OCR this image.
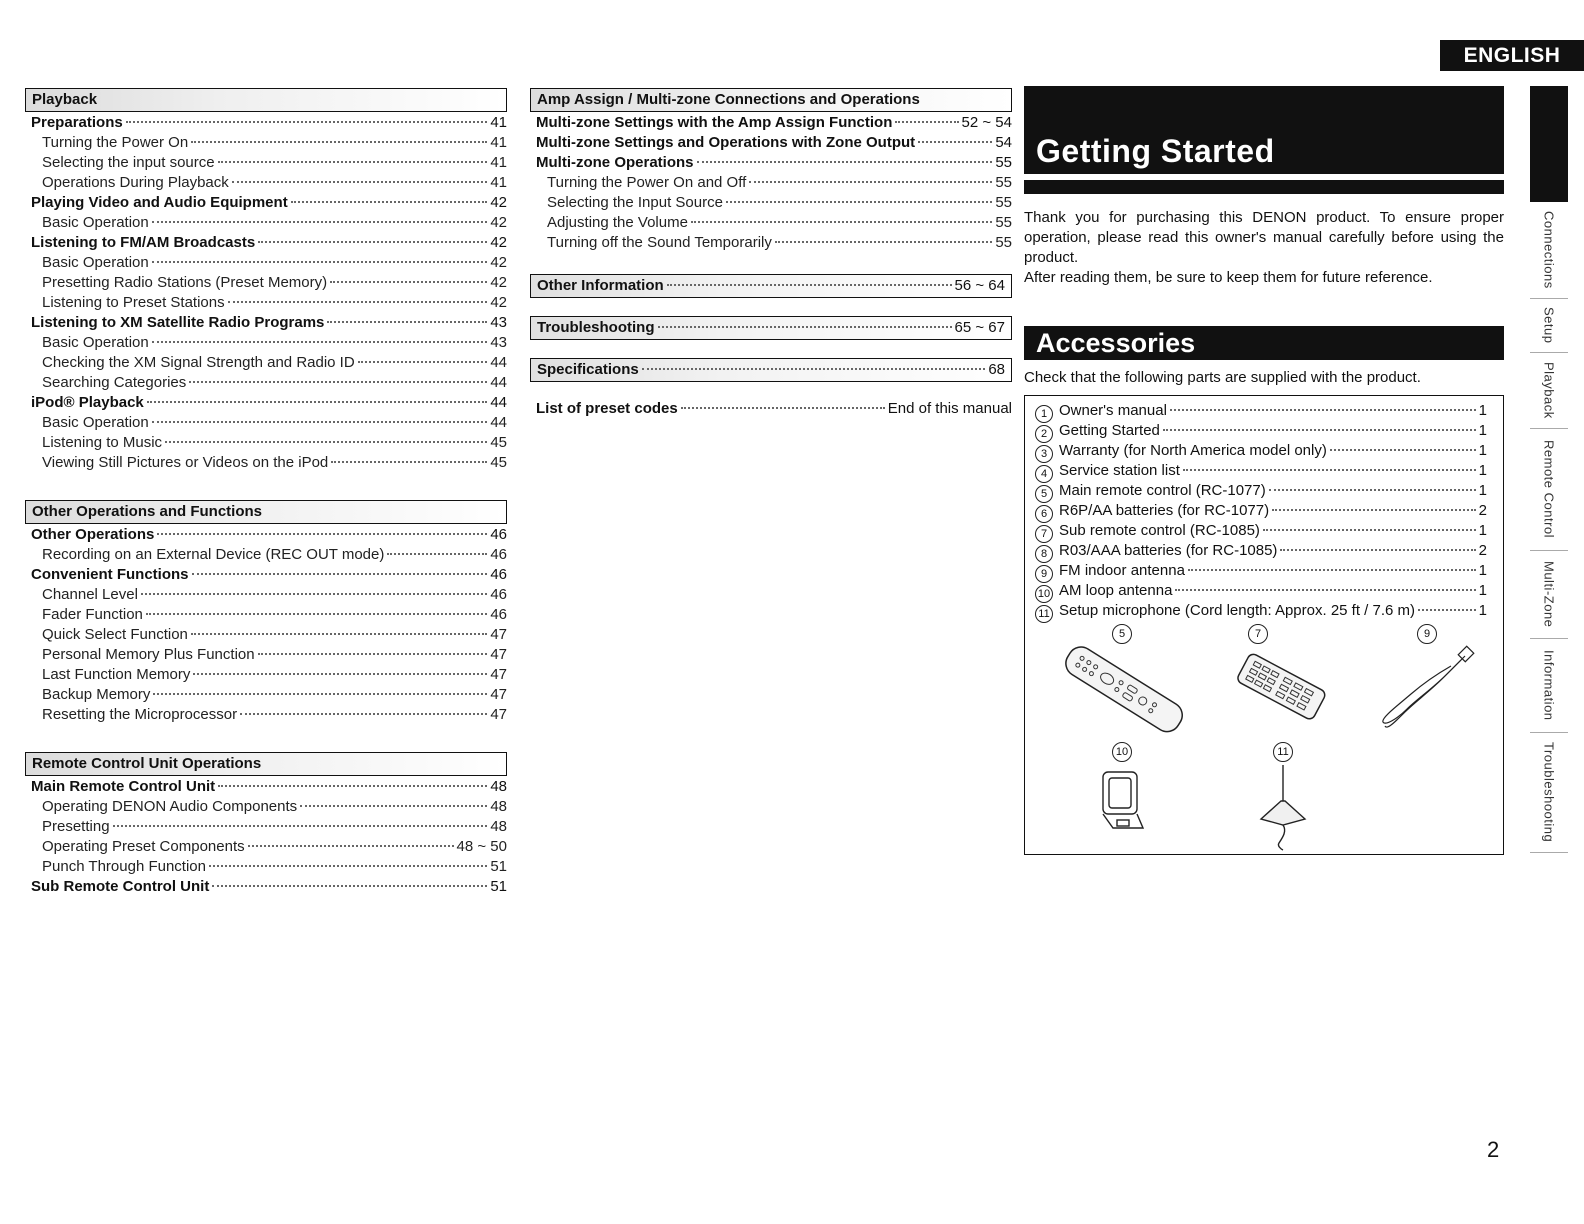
ENGLISH
Playback
Preparations	41
Turning the Power On	41
Selecting the input source	41
Operations During Playback	41
Playing Video and Audio Equipment	42
Basic Operation	42
Listening to FM/AM Broadcasts	42
Basic Operation	42
Presetting Radio Stations (Preset Memory)	42
Listening to Preset Stations	42
Listening to XM Satellite Radio Programs	43
Basic Operation	43
Checking the XM Signal Strength and Radio ID	44
Searching Categories	44
iPod® Playback	44
Basic Operation	44
Listening to Music	45
Viewing Still Pictures or Videos on the iPod	45
Other Operations and Functions
Other Operations	46
Recording on an External Device (REC OUT mode)	46
Convenient Functions	46
Channel Level	46
Fader Function	46
Quick Select Function	47
Personal Memory Plus Function	47
Last Function Memory	47
Backup Memory	47
Resetting the Microprocessor	47
Remote Control Unit Operations
Main Remote Control Unit	48
Operating DENON Audio Components	48
Presetting	48
Operating Preset Components	48 ~ 50
Punch Through Function	51
Sub Remote Control Unit	51
Amp Assign / Multi-zone Connections and Operations
Multi-zone Settings with the Amp Assign Function	52 ~ 54
Multi-zone Settings and Operations with Zone Output	54
Multi-zone Operations	55
Turning the Power On and Off	55
Selecting the Input Source	55
Adjusting the Volume	55
Turning off the Sound Temporarily	55
Other Information	56 ~ 64
Troubleshooting	65 ~ 67
Specifications	68
List of preset codes	End of this manual
Getting Started
Thank you for purchasing this DENON product. To ensure proper operation, please read this owner's manual carefully before using the product.
After reading them, be sure to keep them for future reference.
Accessories
Check that the following parts are supplied with the product.
1 Owner's manual	1
2 Getting Started	1
3 Warranty (for North America model only)	1
4 Service station list	1
5 Main remote control (RC-1077)	1
6 R6P/AA batteries (for RC-1077)	2
7 Sub remote control (RC-1085)	1
8 R03/AAA batteries (for RC-1085)	2
9 FM indoor antenna	1
10 AM loop antenna	1
11 Setup microphone (Cord length: Approx. 25 ft / 7.6 m)	1
5	7	9
10	11
Connections
Setup
Playback
Remote Control
Multi-Zone
Information
Troubleshooting
2
